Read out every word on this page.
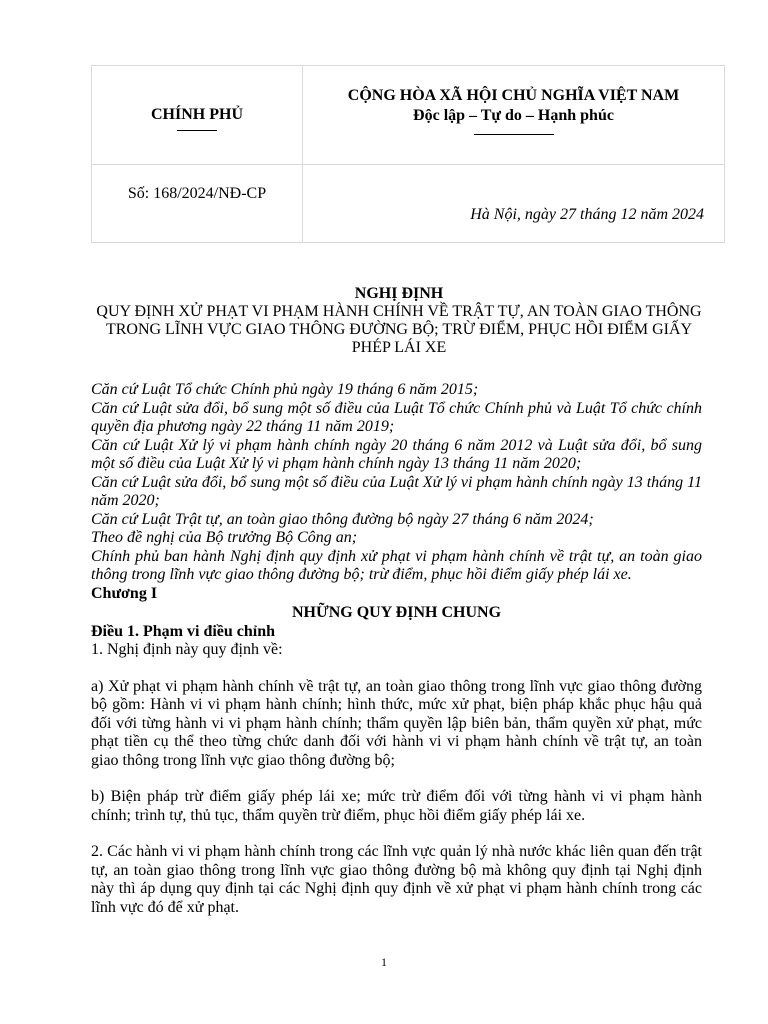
CHÍNH PHỦ	CỘNG HÒA XÃ HỘI CHỦ NGHĨA VIỆT NAM
Độc lập – Tự do – Hạnh phúc

Số: 168/2024/NĐ-CP	Hà Nội, ngày 27 tháng 12 năm 2024
NGHỊ ĐỊNH
QUY ĐỊNH XỬ PHẠT VI PHẠM HÀNH CHÍNH VỀ TRẬT TỰ, AN TOÀN GIAO THÔNG TRONG LĨNH VỰC GIAO THÔNG ĐƯỜNG BỘ; TRỪ ĐIỂM, PHỤC HỒI ĐIỂM GIẤY PHÉP LÁI XE

Căn cứ Luật Tổ chức Chính phủ ngày 19 tháng 6 năm 2015;

Căn cứ Luật sửa đổi, bổ sung một số điều của Luật Tổ chức Chính phủ và Luật Tổ chức chính quyền địa phương ngày 22 tháng 11 năm 2019;

Căn cứ Luật Xử lý vi phạm hành chính ngày 20 tháng 6 năm 2012 và Luật sửa đổi, bổ sung một số điều của Luật Xử lý vi phạm hành chính ngày 13 tháng 11 năm 2020;

Căn cứ Luật sửa đổi, bổ sung một số điều của Luật Xử lý vi phạm hành chính ngày 13 tháng 11 năm 2020;

Căn cứ Luật Trật tự, an toàn giao thông đường bộ ngày 27 tháng 6 năm 2024;

Theo đề nghị của Bộ trưởng Bộ Công an;

Chính phủ ban hành Nghị định quy định xử phạt vi phạm hành chính về trật tự, an toàn giao thông trong lĩnh vực giao thông đường bộ; trừ điểm, phục hồi điểm giấy phép lái xe.

Chương I

NHỮNG QUY ĐỊNH CHUNG

Điều 1. Phạm vi điều chỉnh

1. Nghị định này quy định về:

a) Xử phạt vi phạm hành chính về trật tự, an toàn giao thông trong lĩnh vực giao thông đường bộ gồm: Hành vi vi phạm hành chính; hình thức, mức xử phạt, biện pháp khắc phục hậu quả đối với từng hành vi vi phạm hành chính; thẩm quyền lập biên bản, thẩm quyền xử phạt, mức phạt tiền cụ thể theo từng chức danh đối với hành vi vi phạm hành chính về trật tự, an toàn giao thông trong lĩnh vực giao thông đường bộ;

b) Biện pháp trừ điểm giấy phép lái xe; mức trừ điểm đối với từng hành vi vi phạm hành chính; trình tự, thủ tục, thẩm quyền trừ điểm, phục hồi điểm giấy phép lái xe.

2. Các hành vi vi phạm hành chính trong các lĩnh vực quản lý nhà nước khác liên quan đến trật tự, an toàn giao thông trong lĩnh vực giao thông đường bộ mà không quy định tại Nghị định này thì áp dụng quy định tại các Nghị định quy định về xử phạt vi phạm hành chính trong các lĩnh vực đó để xử phạt.

1
